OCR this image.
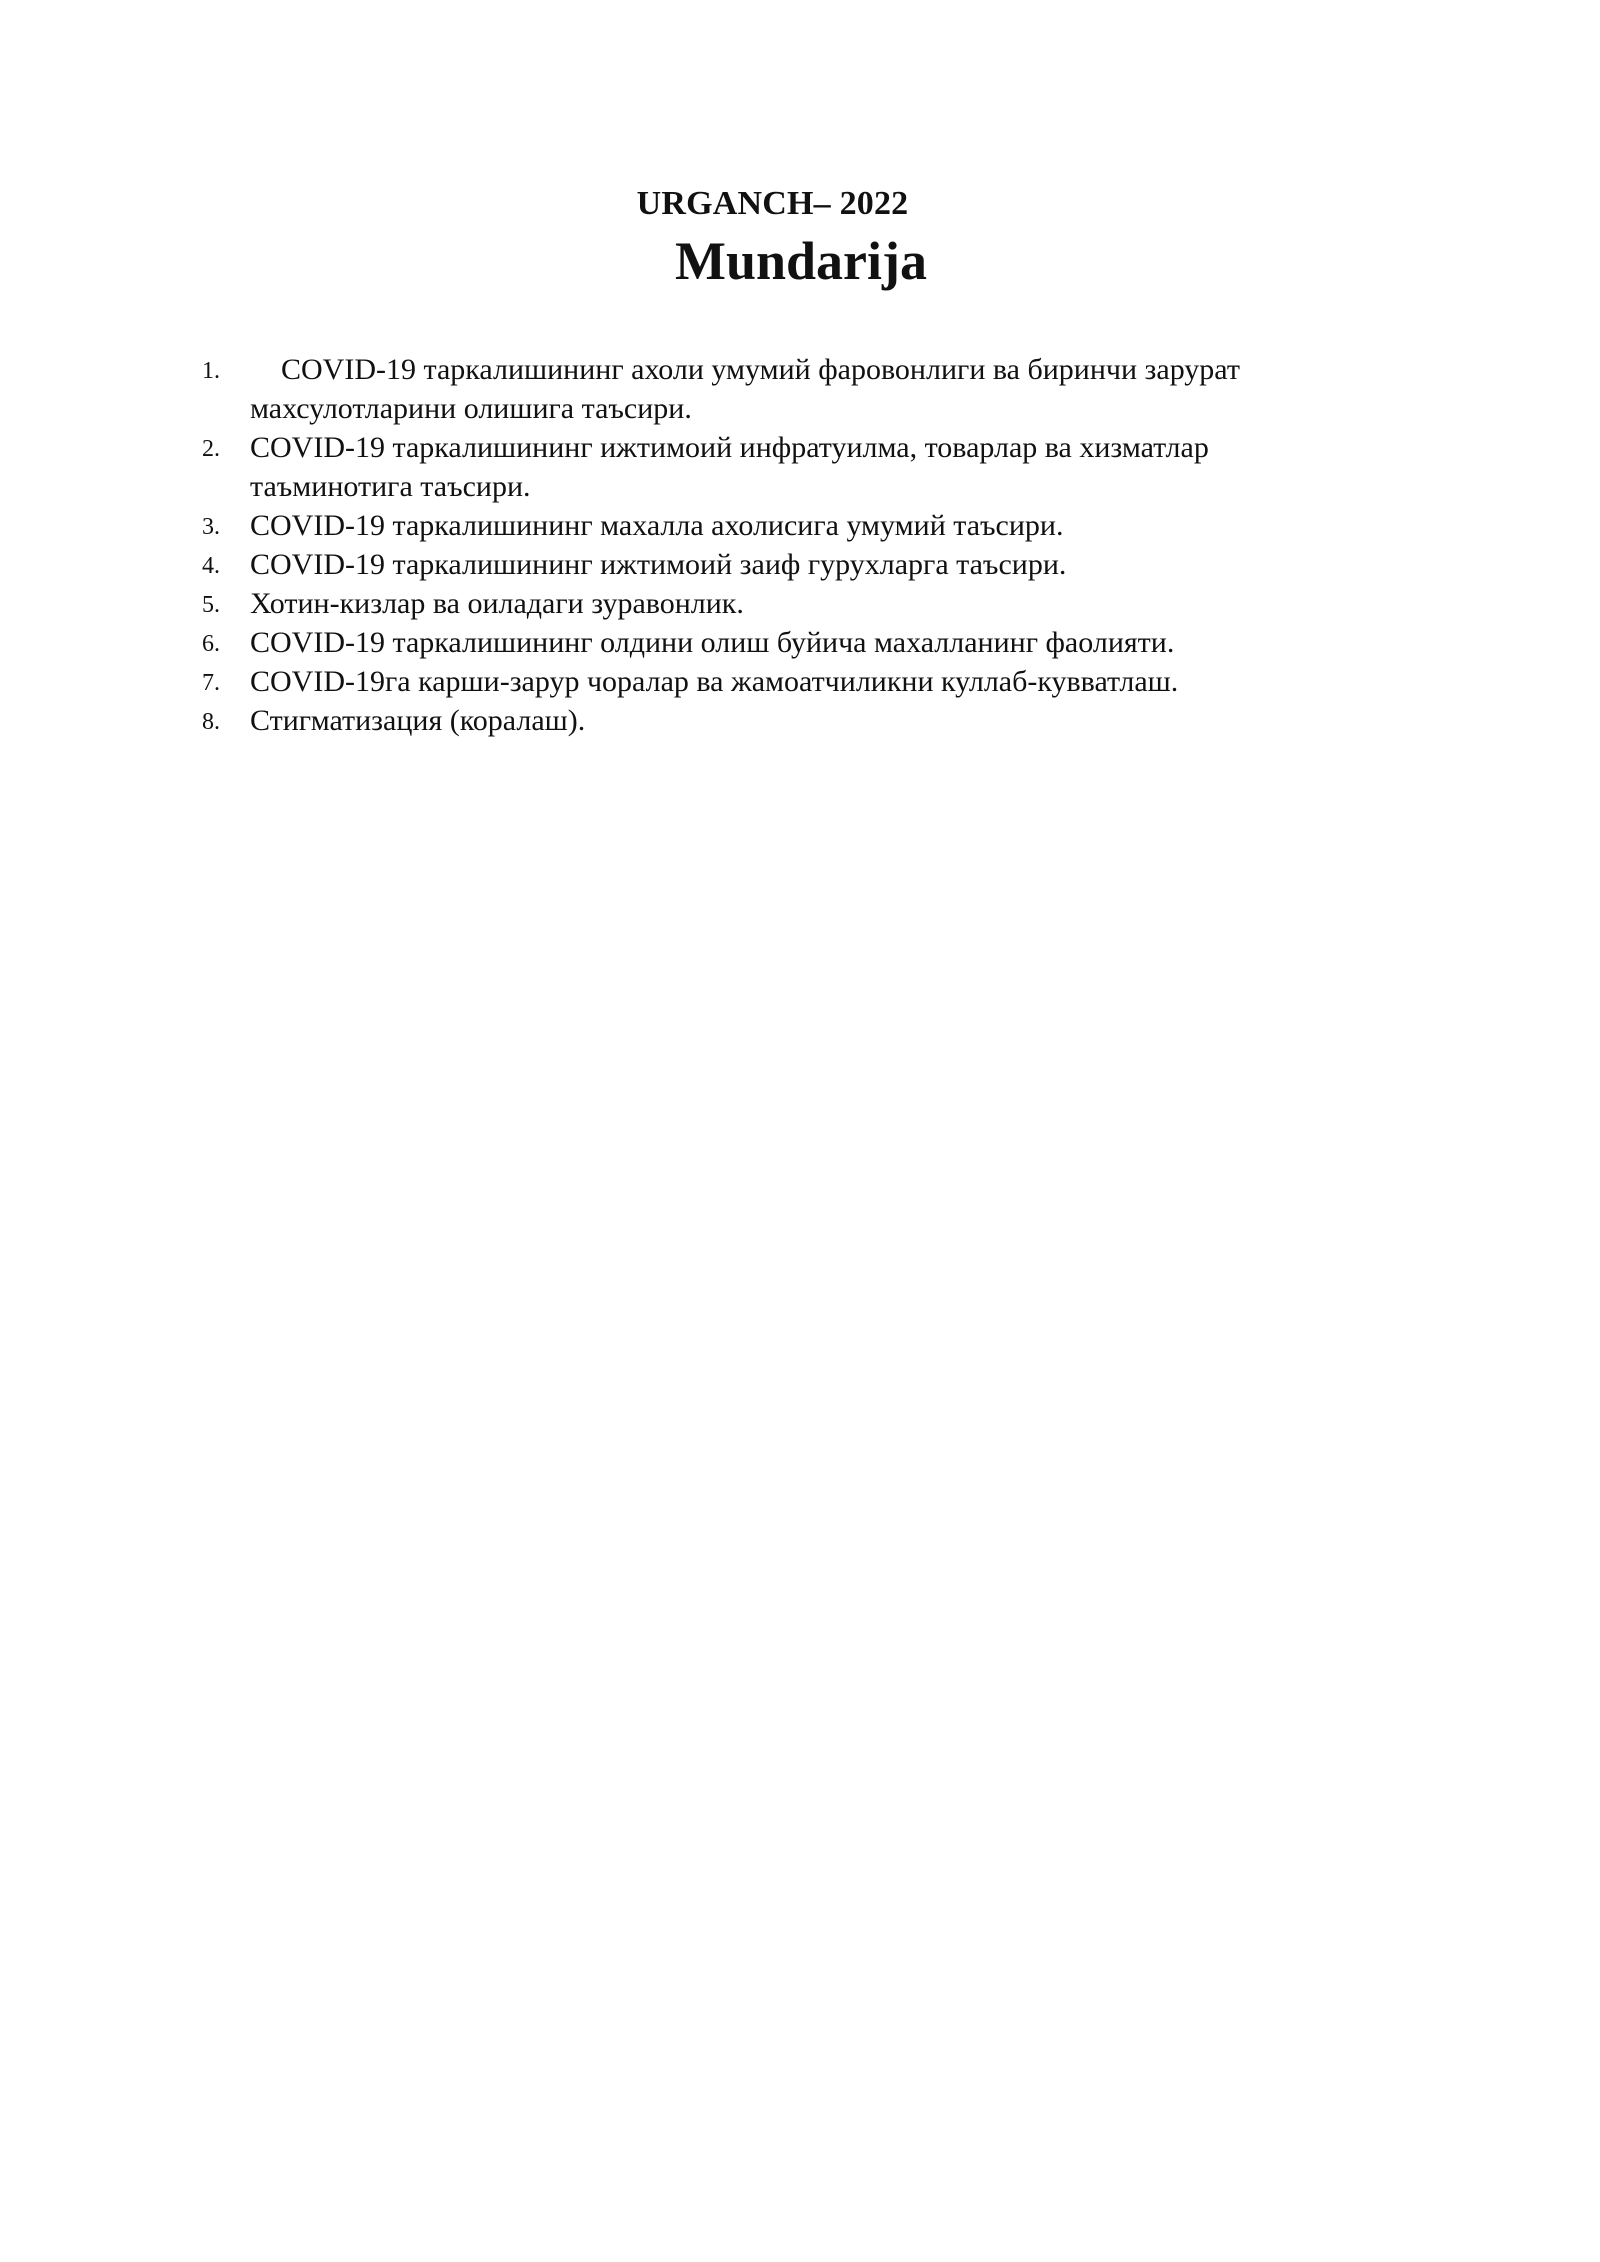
URGANCH– 2022
Mundarija
1.	COVID-19 таркалишининг ахоли умумий фаровонлиги ва биринчи зарурат махсулотларини олишига таъсири.
2. COVID-19 таркалишининг ижтимоий инфратуилма, товарлар ва хизматлар таъминотига таъсири.
3. COVID-19 таркалишининг махалла ахолисига умумий таъсири.
4. COVID-19 таркалишининг ижтимоий заиф гурухларга таъсири.
5. Хотин-кизлар ва оиладаги зуравонлик.
6. COVID-19 таркалишининг олдини олиш буйича махалланинг фаолияти.
7. COVID-19га карши-зарур чоралар ва жамоатчиликни куллаб-кувватлаш.
8. Стигматизация (коралаш).
